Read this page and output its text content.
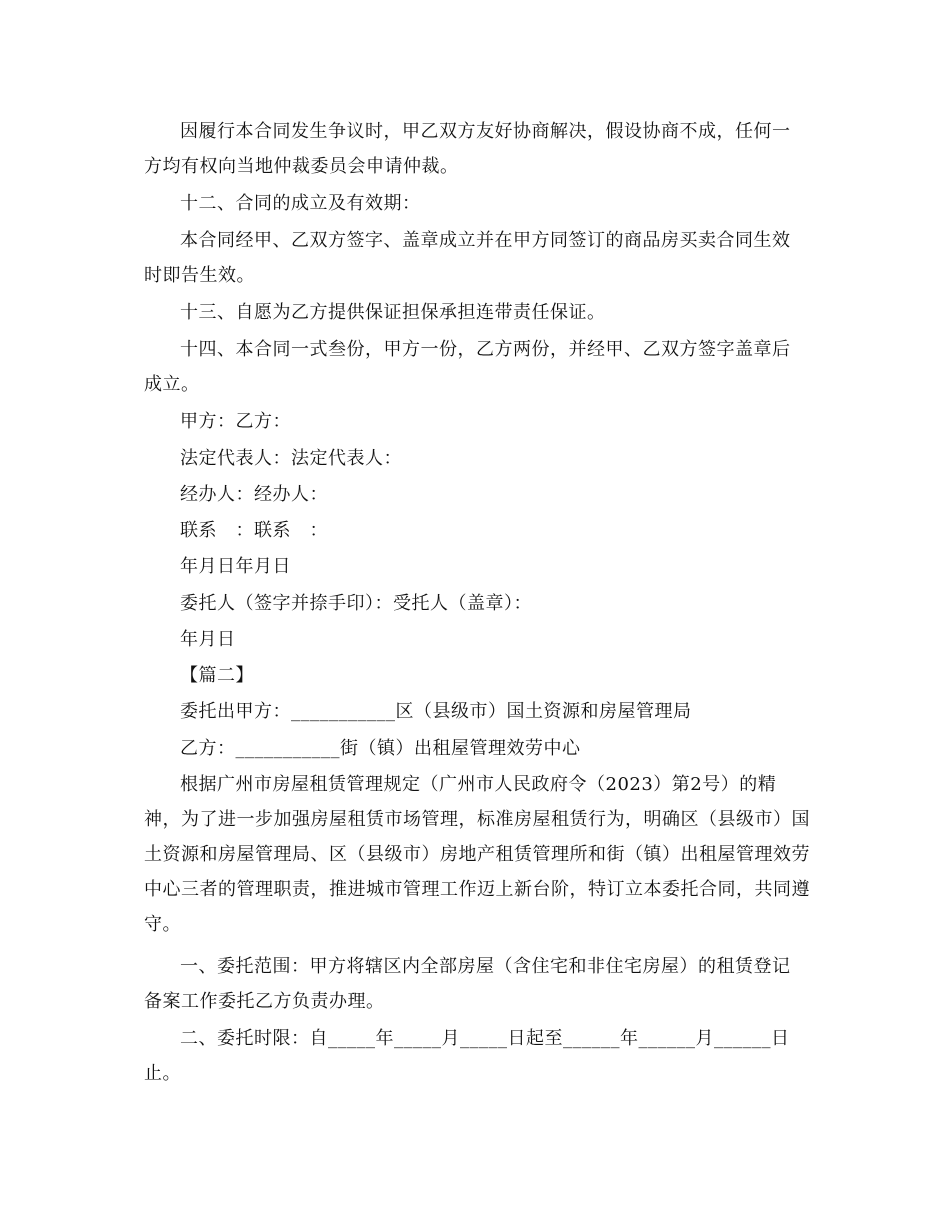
因履行本合同发生争议时，甲乙双方友好协商解决，假设协商不成，任何一方均有权向当地仲裁委员会申请仲裁。

十二、合同的成立及有效期：

本合同经甲、乙双方签字、盖章成立并在甲方同签订的商品房买卖合同生效时即告生效。

十三、自愿为乙方提供保证担保承担连带责任保证。

十四、本合同一式叁份，甲方一份，乙方两份，并经甲、乙双方签字盖章后成立。

甲方：乙方：

法定代表人：法定代表人：

经办人：经办人：

联系　：联系　：

年月日年月日

委托人（签字并捺手印）：受托人（盖章）：

年月日

【篇二】

委托出甲方：___________区（县级市）国土资源和房屋管理局

乙方：___________街（镇）出租屋管理效劳中心

根据广州市房屋租赁管理规定（广州市人民政府令（2023）第2号）的精神，为了进一步加强房屋租赁市场管理，标准房屋租赁行为，明确区（县级市）国土资源和房屋管理局、区（县级市）房地产租赁管理所和街（镇）出租屋管理效劳中心三者的管理职责，推进城市管理工作迈上新台阶，特订立本委托合同，共同遵守。

一、委托范围：甲方将辖区内全部房屋（含住宅和非住宅房屋）的租赁登记备案工作委托乙方负责办理。

二、委托时限：自_____年_____月_____日起至______年______月______日止。
